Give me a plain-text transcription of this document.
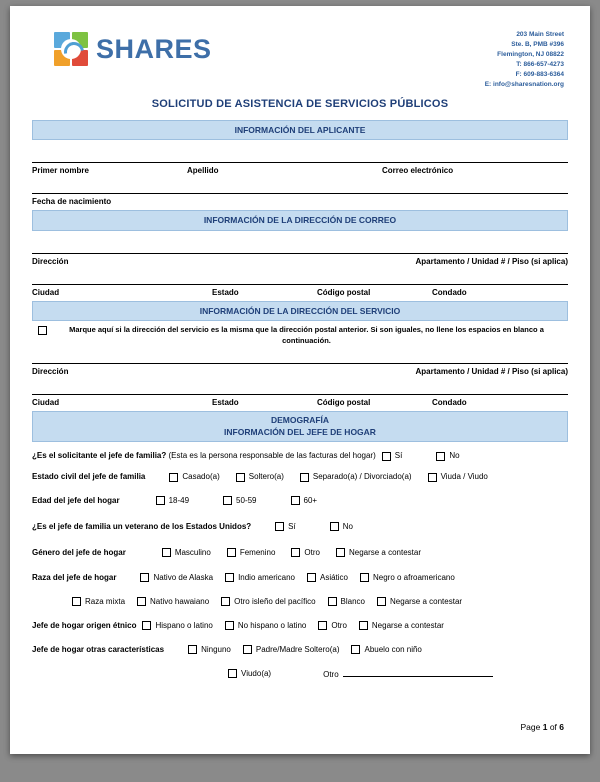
SHARES	203 Main Street
Ste. B, PMB #396
Flemington, NJ 08822
T: 866-657-4273
F: 609-883-6364
E: info@sharesnation.org
SOLICITUD DE ASISTENCIA DE SERVICIOS PÚBLICOS
INFORMACIÓN DEL APLICANTE
Primer nombre	Apellido	Correo electrónico
Fecha de nacimiento
INFORMACIÓN DE LA DIRECCIÓN DE CORREO
Dirección	Apartamento / Unidad # / Piso (si aplica)
Ciudad	Estado	Código postal	Condado
INFORMACIÓN DE LA DIRECCIÓN DEL SERVICIO
Marque aquí si la dirección del servicio es la misma que la dirección postal anterior. Si son iguales, no llene los espacios en blanco a continuación.
Dirección	Apartamento / Unidad # / Piso (si aplica)
Ciudad	Estado	Código postal	Condado
DEMOGRAFÍA
INFORMACIÓN DEL JEFE DE HOGAR
¿Es el solicitante el jefe de familia? (Esta es la persona responsable de las facturas del hogar) Sí	No
Estado civil del jefe de familia	Casado(a)	Soltero(a)	Separado(a) / Divorciado(a)	Viuda / Viudo
Edad del jefe del hogar	18-49	50-59	60+
¿Es el jefe de familia un veterano de los Estados Unidos?	Sí	No
Género del jefe de hogar	Masculino	Femenino	Otro	Negarse a contestar
Raza del jefe de hogar	Nativo de Alaska	Indio americano	Asiático	Negro o afroamericano
Raza mixta	Nativo hawaiano	Otro isleño del pacífico	Blanco	Negarse a contestar
Jefe de hogar origen étnico Hispano o latino	No hispano o latino	Otro	Negarse a contestar
Jefe de hogar otras características	Ninguno	Padre/Madre Soltero(a)	Abuelo con niño
Viudo(a)	Otro
Page 1 of 6
